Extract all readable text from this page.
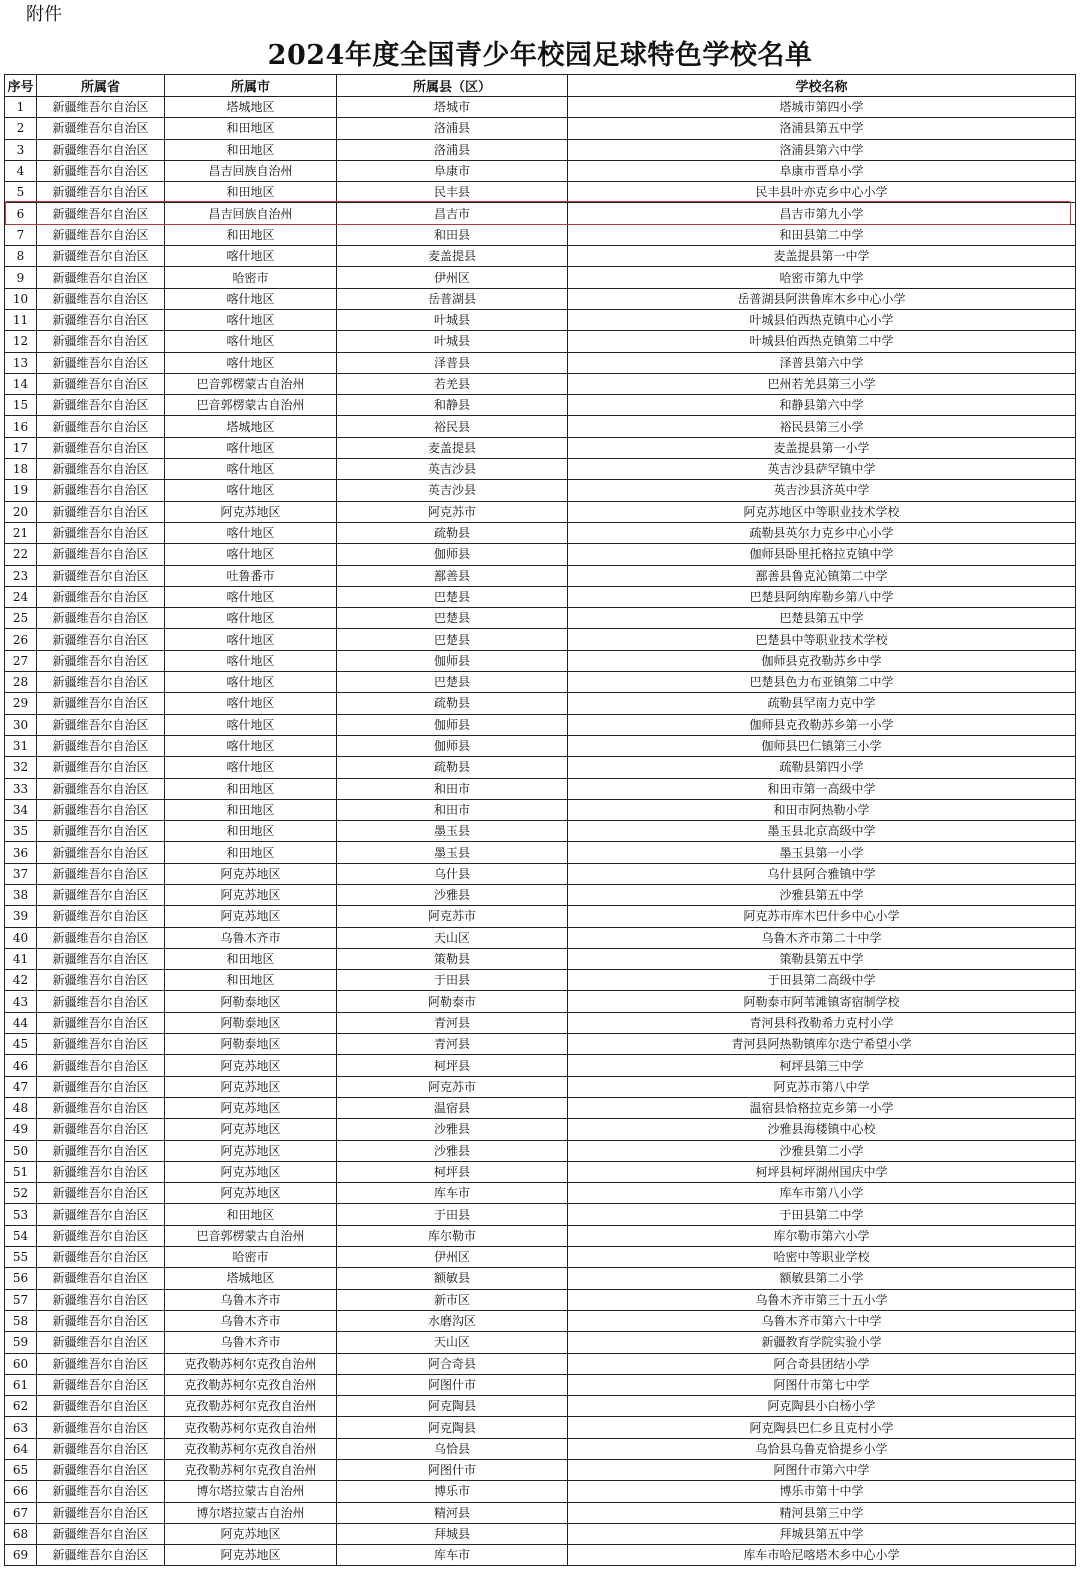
附件
2024年度全国青少年校园足球特色学校名单
序号	所属省	所属市	所属县（区）	学校名称
1	新疆维吾尔自治区	塔城地区	塔城市	塔城市第四小学
2	新疆维吾尔自治区	和田地区	洛浦县	洛浦县第五中学
3	新疆维吾尔自治区	和田地区	洛浦县	洛浦县第六中学
4	新疆维吾尔自治区	昌吉回族自治州	阜康市	阜康市晋阜小学
5	新疆维吾尔自治区	和田地区	民丰县	民丰县叶亦克乡中心小学
6	新疆维吾尔自治区	昌吉回族自治州	昌吉市	昌吉市第九小学
7	新疆维吾尔自治区	和田地区	和田县	和田县第二中学
8	新疆维吾尔自治区	喀什地区	麦盖提县	麦盖提县第一中学
9	新疆维吾尔自治区	哈密市	伊州区	哈密市第九中学
10	新疆维吾尔自治区	喀什地区	岳普湖县	岳普湖县阿洪鲁库木乡中心小学
11	新疆维吾尔自治区	喀什地区	叶城县	叶城县伯西热克镇中心小学
12	新疆维吾尔自治区	喀什地区	叶城县	叶城县伯西热克镇第二中学
13	新疆维吾尔自治区	喀什地区	泽普县	泽普县第六中学
14	新疆维吾尔自治区	巴音郭楞蒙古自治州	若羌县	巴州若羌县第三小学
15	新疆维吾尔自治区	巴音郭楞蒙古自治州	和静县	和静县第六中学
16	新疆维吾尔自治区	塔城地区	裕民县	裕民县第三小学
17	新疆维吾尔自治区	喀什地区	麦盖提县	麦盖提县第一小学
18	新疆维吾尔自治区	喀什地区	英吉沙县	英吉沙县萨罕镇中学
19	新疆维吾尔自治区	喀什地区	英吉沙县	英吉沙县济英中学
20	新疆维吾尔自治区	阿克苏地区	阿克苏市	阿克苏地区中等职业技术学校
21	新疆维吾尔自治区	喀什地区	疏勒县	疏勒县英尔力克乡中心小学
22	新疆维吾尔自治区	喀什地区	伽师县	伽师县卧里托格拉克镇中学
23	新疆维吾尔自治区	吐鲁番市	鄯善县	鄯善县鲁克沁镇第二中学
24	新疆维吾尔自治区	喀什地区	巴楚县	巴楚县阿纳库勒乡第八中学
25	新疆维吾尔自治区	喀什地区	巴楚县	巴楚县第五中学
26	新疆维吾尔自治区	喀什地区	巴楚县	巴楚县中等职业技术学校
27	新疆维吾尔自治区	喀什地区	伽师县	伽师县克孜勒苏乡中学
28	新疆维吾尔自治区	喀什地区	巴楚县	巴楚县色力布亚镇第二中学
29	新疆维吾尔自治区	喀什地区	疏勒县	疏勒县罕南力克中学
30	新疆维吾尔自治区	喀什地区	伽师县	伽师县克孜勒苏乡第一小学
31	新疆维吾尔自治区	喀什地区	伽师县	伽师县巴仁镇第三小学
32	新疆维吾尔自治区	喀什地区	疏勒县	疏勒县第四小学
33	新疆维吾尔自治区	和田地区	和田市	和田市第一高级中学
34	新疆维吾尔自治区	和田地区	和田市	和田市阿热勒小学
35	新疆维吾尔自治区	和田地区	墨玉县	墨玉县北京高级中学
36	新疆维吾尔自治区	和田地区	墨玉县	墨玉县第一小学
37	新疆维吾尔自治区	阿克苏地区	乌什县	乌什县阿合雅镇中学
38	新疆维吾尔自治区	阿克苏地区	沙雅县	沙雅县第五中学
39	新疆维吾尔自治区	阿克苏地区	阿克苏市	阿克苏市库木巴什乡中心小学
40	新疆维吾尔自治区	乌鲁木齐市	天山区	乌鲁木齐市第二十中学
41	新疆维吾尔自治区	和田地区	策勒县	策勒县第五中学
42	新疆维吾尔自治区	和田地区	于田县	于田县第二高级中学
43	新疆维吾尔自治区	阿勒泰地区	阿勒泰市	阿勒泰市阿苇滩镇寄宿制学校
44	新疆维吾尔自治区	阿勒泰地区	青河县	青河县科孜勒希力克村小学
45	新疆维吾尔自治区	阿勒泰地区	青河县	青河县阿热勒镇库尔迭宁希望小学
46	新疆维吾尔自治区	阿克苏地区	柯坪县	柯坪县第三中学
47	新疆维吾尔自治区	阿克苏地区	阿克苏市	阿克苏市第八中学
48	新疆维吾尔自治区	阿克苏地区	温宿县	温宿县恰格拉克乡第一小学
49	新疆维吾尔自治区	阿克苏地区	沙雅县	沙雅县海楼镇中心校
50	新疆维吾尔自治区	阿克苏地区	沙雅县	沙雅县第二小学
51	新疆维吾尔自治区	阿克苏地区	柯坪县	柯坪县柯坪湖州国庆中学
52	新疆维吾尔自治区	阿克苏地区	库车市	库车市第八小学
53	新疆维吾尔自治区	和田地区	于田县	于田县第二中学
54	新疆维吾尔自治区	巴音郭楞蒙古自治州	库尔勒市	库尔勒市第六小学
55	新疆维吾尔自治区	哈密市	伊州区	哈密中等职业学校
56	新疆维吾尔自治区	塔城地区	额敏县	额敏县第二小学
57	新疆维吾尔自治区	乌鲁木齐市	新市区	乌鲁木齐市第三十五小学
58	新疆维吾尔自治区	乌鲁木齐市	水磨沟区	乌鲁木齐市第六十中学
59	新疆维吾尔自治区	乌鲁木齐市	天山区	新疆教育学院实验小学
60	新疆维吾尔自治区	克孜勒苏柯尔克孜自治州	阿合奇县	阿合奇县团结小学
61	新疆维吾尔自治区	克孜勒苏柯尔克孜自治州	阿图什市	阿图什市第七中学
62	新疆维吾尔自治区	克孜勒苏柯尔克孜自治州	阿克陶县	阿克陶县小白杨小学
63	新疆维吾尔自治区	克孜勒苏柯尔克孜自治州	阿克陶县	阿克陶县巴仁乡且克村小学
64	新疆维吾尔自治区	克孜勒苏柯尔克孜自治州	乌恰县	乌恰县乌鲁克恰提乡小学
65	新疆维吾尔自治区	克孜勒苏柯尔克孜自治州	阿图什市	阿图什市第六中学
66	新疆维吾尔自治区	博尔塔拉蒙古自治州	博乐市	博乐市第十中学
67	新疆维吾尔自治区	博尔塔拉蒙古自治州	精河县	精河县第三中学
68	新疆维吾尔自治区	阿克苏地区	拜城县	拜城县第五中学
69	新疆维吾尔自治区	阿克苏地区	库车市	库车市哈尼喀塔木乡中心小学
